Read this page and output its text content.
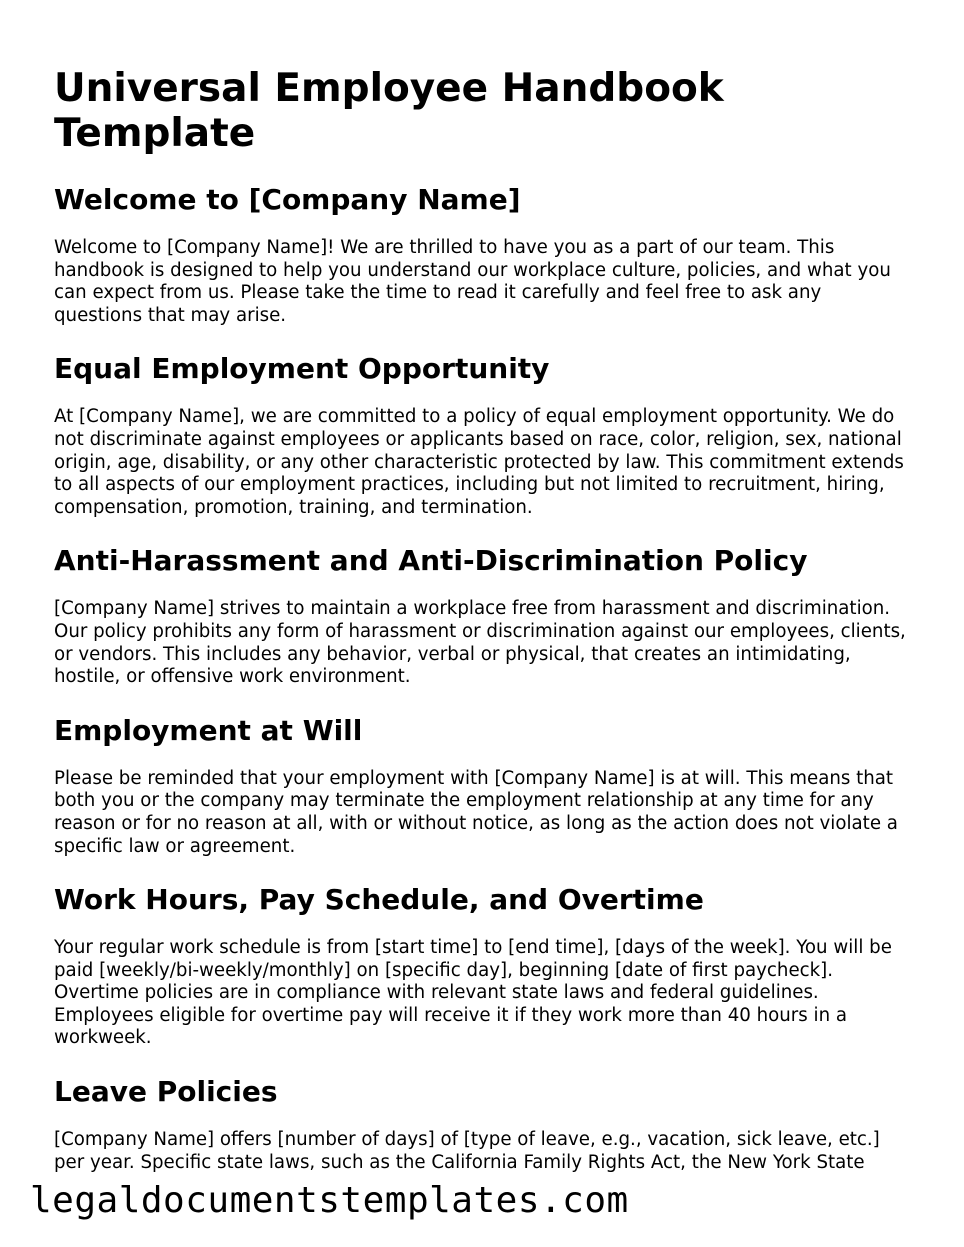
Universal Employee Handbook Template
Welcome to [Company Name]

Welcome to [Company Name]! We are thrilled to have you as a part of our team. This handbook is designed to help you understand our workplace culture, policies, and what you can expect from us. Please take the time to read it carefully and feel free to ask any questions that may arise.

Equal Employment Opportunity

At [Company Name], we are committed to a policy of equal employment opportunity. We do not discriminate against employees or applicants based on race, color, religion, sex, national origin, age, disability, or any other characteristic protected by law. This commitment extends to all aspects of our employment practices, including but not limited to recruitment, hiring, compensation, promotion, training, and termination.

Anti-Harassment and Anti-Discrimination Policy

[Company Name] strives to maintain a workplace free from harassment and discrimination. Our policy prohibits any form of harassment or discrimination against our employees, clients, or vendors. This includes any behavior, verbal or physical, that creates an intimidating, hostile, or offensive work environment.

Employment at Will

Please be reminded that your employment with [Company Name] is at will. This means that both you or the company may terminate the employment relationship at any time for any reason or for no reason at all, with or without notice, as long as the action does not violate a specific law or agreement.

Work Hours, Pay Schedule, and Overtime

Your regular work schedule is from [start time] to [end time], [days of the week]. You will be paid [weekly/bi-weekly/monthly] on [specific day], beginning [date of first paycheck]. Overtime policies are in compliance with relevant state laws and federal guidelines. Employees eligible for overtime pay will receive it if they work more than 40 hours in a workweek.

Leave Policies

[Company Name] offers [number of days] of [type of leave, e.g., vacation, sick leave, etc.] per year. Specific state laws, such as the California Family Rights Act, the New York State

legaldocumentstemplates.com
